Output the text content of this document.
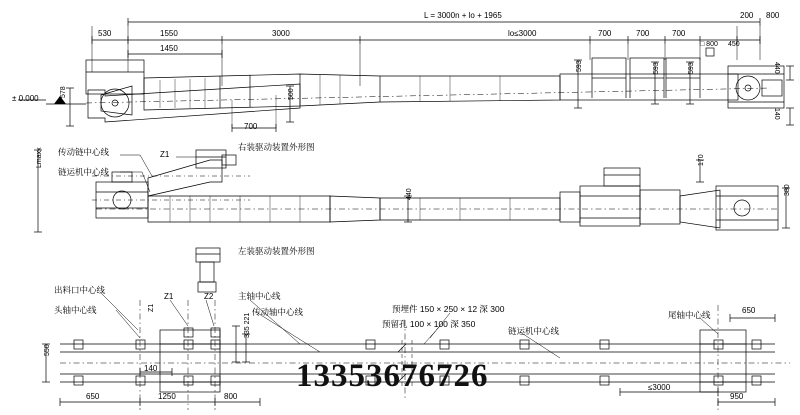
L = 3000n + lo + 1965
530	1550
1450
3000	lo≤3000	700	700	700
200 800
□ 800 450
440
140
± 0.000
578
593	593	593
500
700
传动链中心线
链运机中心线
右装驱动装置外形图
左装驱动装置外形图
Z1
Lmaxx	170
440	380
出料口中心线
头轴中心线
主轴中心线
传动轴中心线	预埋件 150 × 250 × 12 深 300
预留孔 100 × 100 深 350
链运机中心线
尾轴中心线
Z1	Z2
Z1
335 221
550
650	1250	800
140
≤3000
950
650
13353676726
